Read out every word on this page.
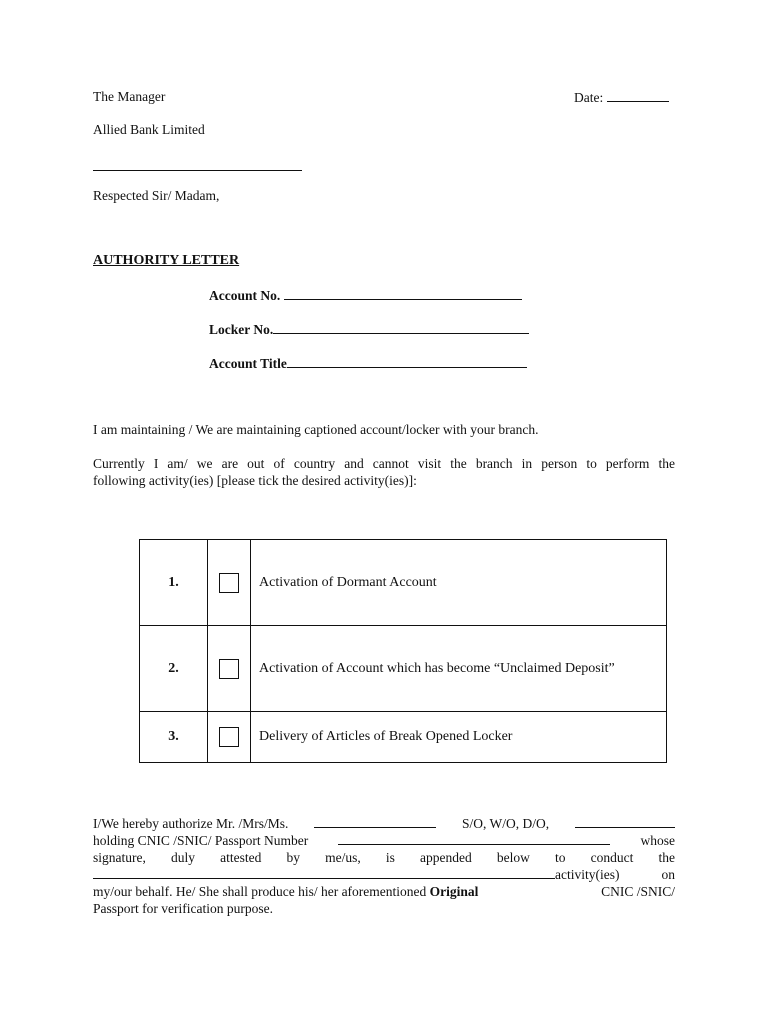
The Manager	Date:
Allied Bank Limited
Respected Sir/ Madam,
AUTHORITY LETTER
Account No.
Locker No.
Account Title
I am maintaining / We are maintaining captioned account/locker with your branch.
Currently I am/ we are out of country and cannot visit the branch in person to perform the
following activity(ies) [please tick the desired activity(ies)]:
1.		Activation of Dormant Account
2.		Activation of Account which has become “Unclaimed Deposit”
3.		Delivery of Articles of Break Opened Locker
I/We hereby authorize Mr. /Mrs/Ms.	S/O, W/O, D/O,
holding CNIC /SNIC/ Passport Number	whose
signature, duly attested by me/us, is appended below to conduct the
activity(ies)	on
my/our behalf. He/ She shall produce his/ her aforementioned Original	CNIC /SNIC/
Passport for verification purpose.
